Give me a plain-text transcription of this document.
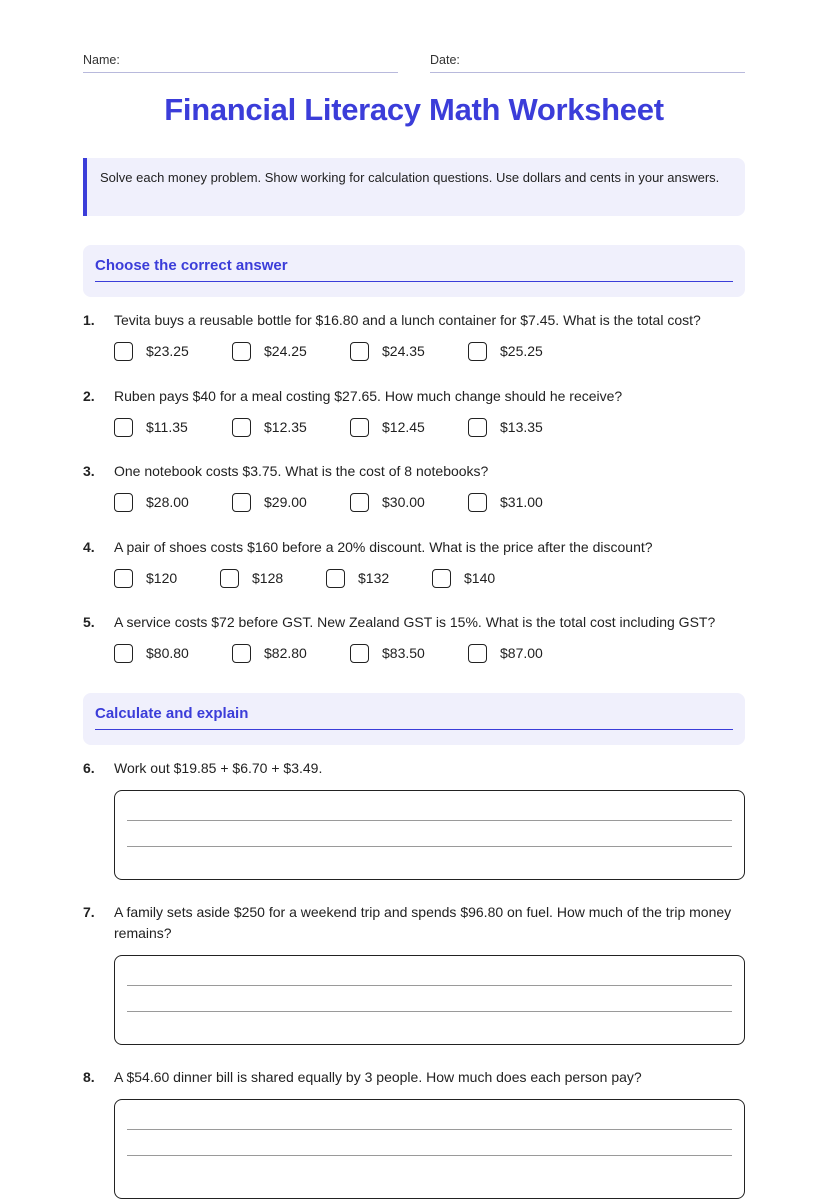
Name:	Date:
Financial Literacy Math Worksheet
Solve each money problem. Show working for calculation questions. Use dollars and cents in your answers.
Choose the correct answer
1. Tevita buys a reusable bottle for $16.80 and a lunch container for $7.45. What is the total cost?
$23.25	$24.25	$24.35	$25.25
2. Ruben pays $40 for a meal costing $27.65. How much change should he receive?
$11.35	$12.35	$12.45	$13.35
3. One notebook costs $3.75. What is the cost of 8 notebooks?
$28.00	$29.00	$30.00	$31.00
4. A pair of shoes costs $160 before a 20% discount. What is the price after the discount?
$120	$128	$132	$140
5. A service costs $72 before GST. New Zealand GST is 15%. What is the total cost including GST?
$80.80	$82.80	$83.50	$87.00
Calculate and explain
6. Work out $19.85 + $6.70 + $3.49.
7. A family sets aside $250 for a weekend trip and spends $96.80 on fuel. How much of the trip money remains?
8. A $54.60 dinner bill is shared equally by 3 people. How much does each person pay?
